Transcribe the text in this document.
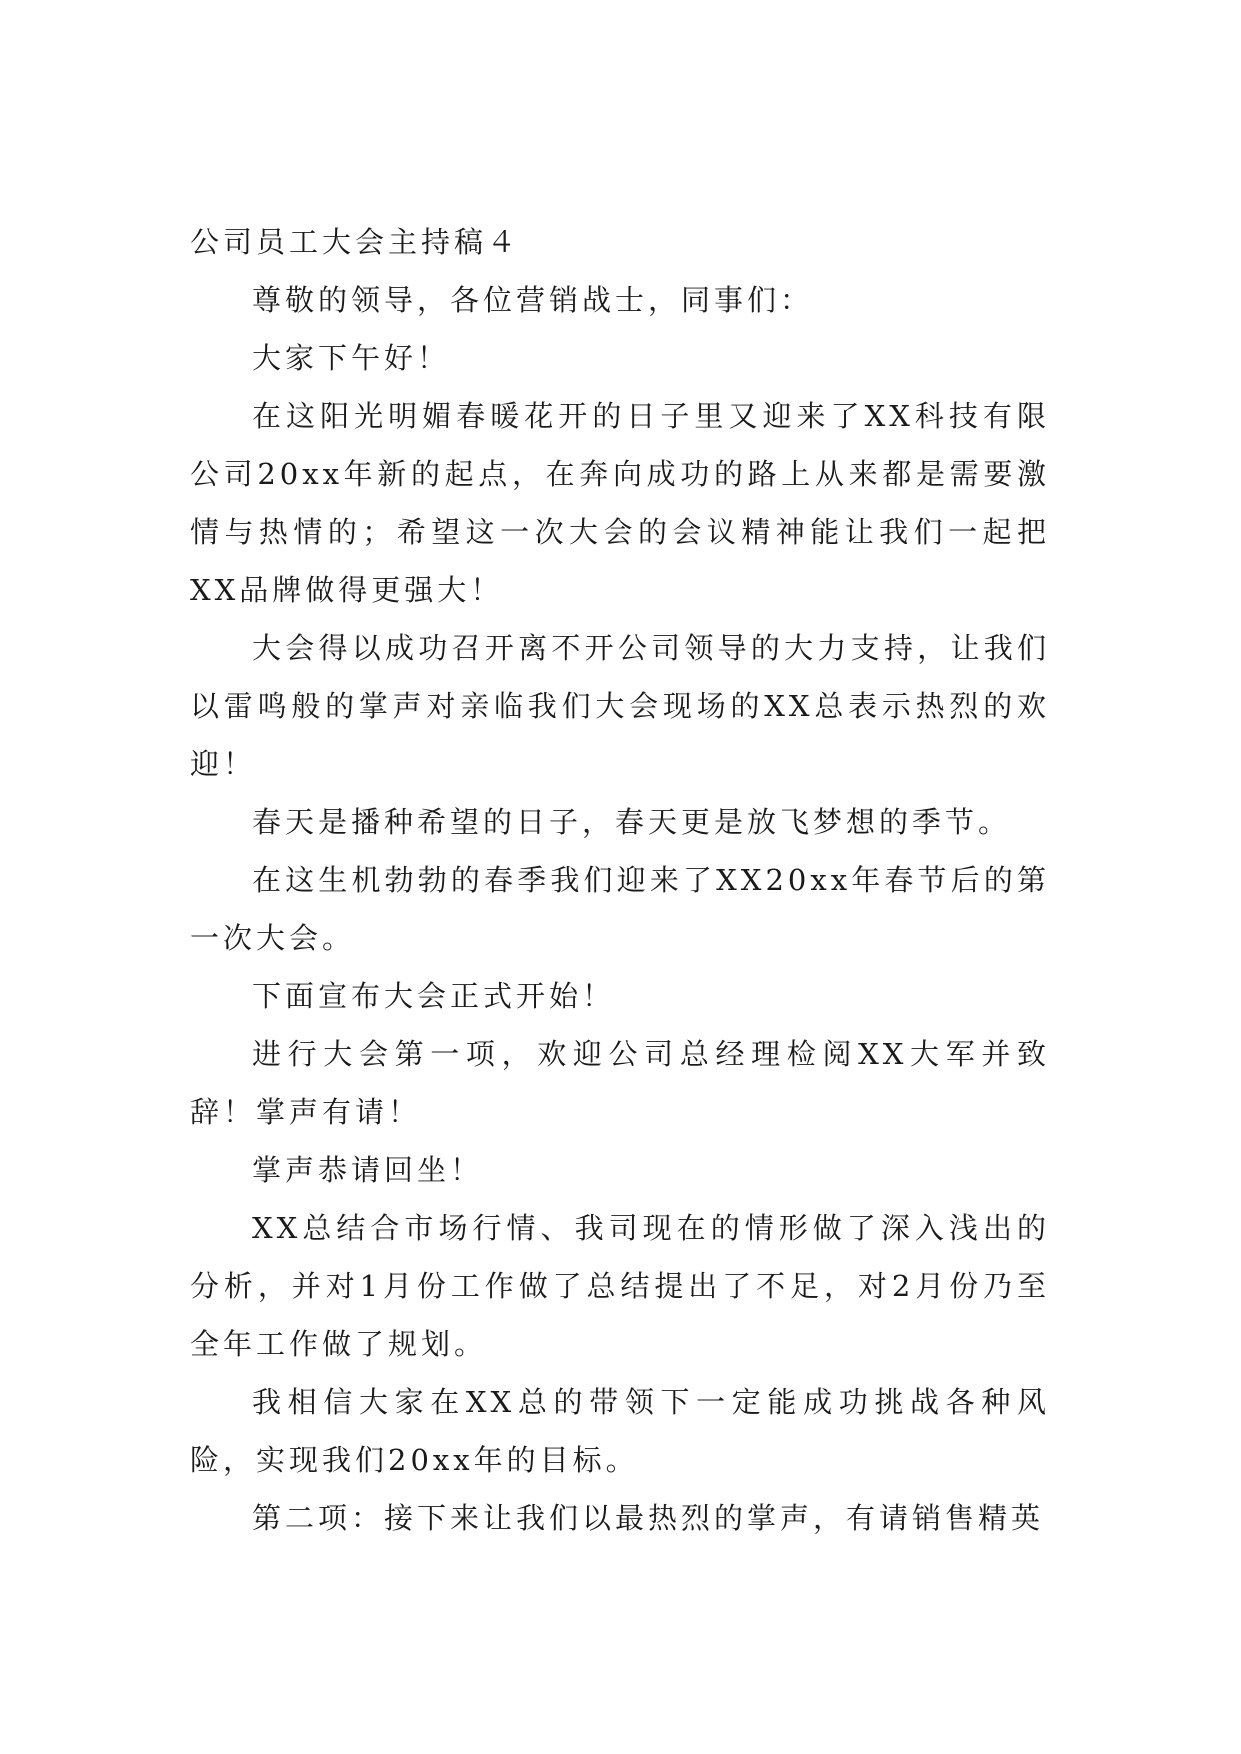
公司员工大会主持稿４

尊敬的领导，各位营销战士，同事们：

大家下午好！

在这阳光明媚春暖花开的日子里又迎来了XX科技有限公司20xx年新的起点，在奔向成功的路上从来都是需要激情与热情的；希望这一次大会的会议精神能让我们一起把XX品牌做得更强大！

大会得以成功召开离不开公司领导的大力支持，让我们以雷鸣般的掌声对亲临我们大会现场的XX总表示热烈的欢迎！

春天是播种希望的日子，春天更是放飞梦想的季节。

在这生机勃勃的春季我们迎来了XX20xx年春节后的第一次大会。

下面宣布大会正式开始！

进行大会第一项，欢迎公司总经理检阅XX大军并致辞！掌声有请！

掌声恭请回坐！

XX总结合市场行情、我司现在的情形做了深入浅出的分析，并对1月份工作做了总结提出了不足，对2月份乃至全年工作做了规划。

我相信大家在XX总的带领下一定能成功挑战各种风险，实现我们20xx年的目标。

第二项：接下来让我们以最热烈的掌声，有请销售精英
